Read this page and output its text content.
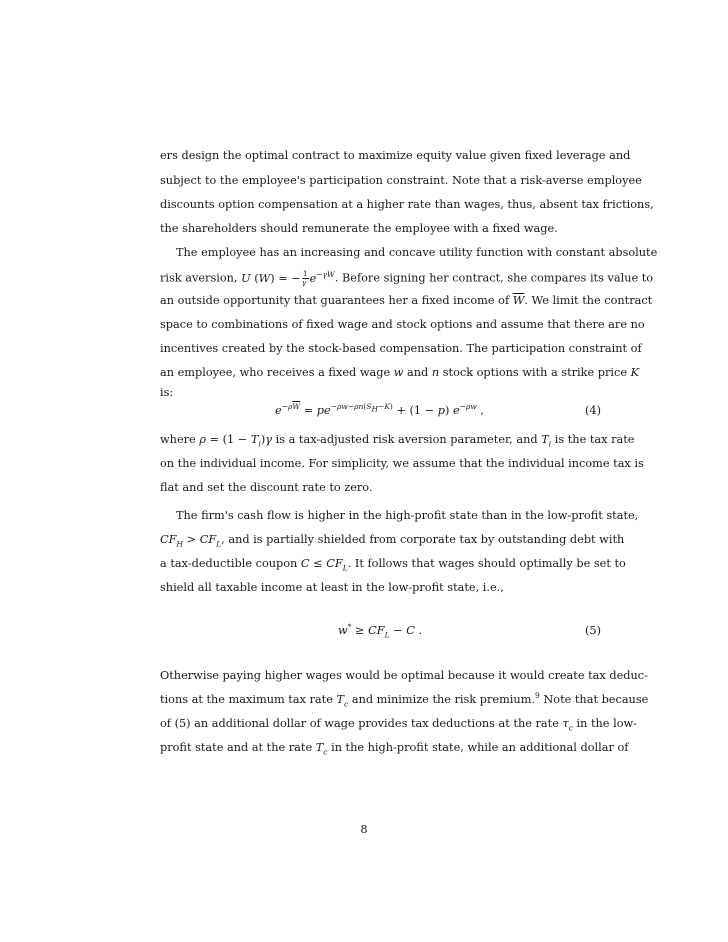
ers design the optimal contract to maximize equity value given fixed leverage and
subject to the employee's participation constraint. Note that a risk-averse employee
discounts option compensation at a higher rate than wages, thus, absent tax frictions,
the shareholders should remunerate the employee with a fixed wage.
The employee has an increasing and concave utility function with constant absolute
risk aversion, U (W) = − $\frac{1}{\gamma} e^{-\gamma W}$. Before signing her contract, she compares its value to
an outside opportunity that guarantees her a fixed income of $\overline{W}$. We limit the contract
space to combinations of fixed wage and stock options and assume that there are no
incentives created by the stock-based compensation. The participation constraint of
an employee, who receives a fixed wage w and n stock options with a strike price K
is:
$e^{-\rho\overline{W}} = pe^{-\rho w-\rho n(S_H-K)} + (1 - p)$ $e^{-\rho w}$ ,	(4)
where $\rho = (1 - T_i)\gamma$ is a tax-adjusted risk aversion parameter, and $T_i$ is the tax rate
on the individual income. For simplicity, we assume that the individual income tax is
flat and set the discount rate to zero.
The firm's cash flow is higher in the high-profit state than in the low-profit state,
$CF_H > CF_L$, and is partially shielded from corporate tax by outstanding debt with
a tax-deductible coupon $C \le CF_L$. It follows that wages should optimally be set to
shield all taxable income at least in the low-profit state, i.e.,
$w^* \ge CF_L - C$ .	(5)
Otherwise paying higher wages would be optimal because it would create tax deduc-
tions at the maximum tax rate $T_c$ and minimize the risk premium.$^9$ Note that because
of (5) an additional dollar of wage provides tax deductions at the rate $\tau_c$ in the low-
profit state and at the rate $T_c$ in the high-profit state, while an additional dollar of
8
